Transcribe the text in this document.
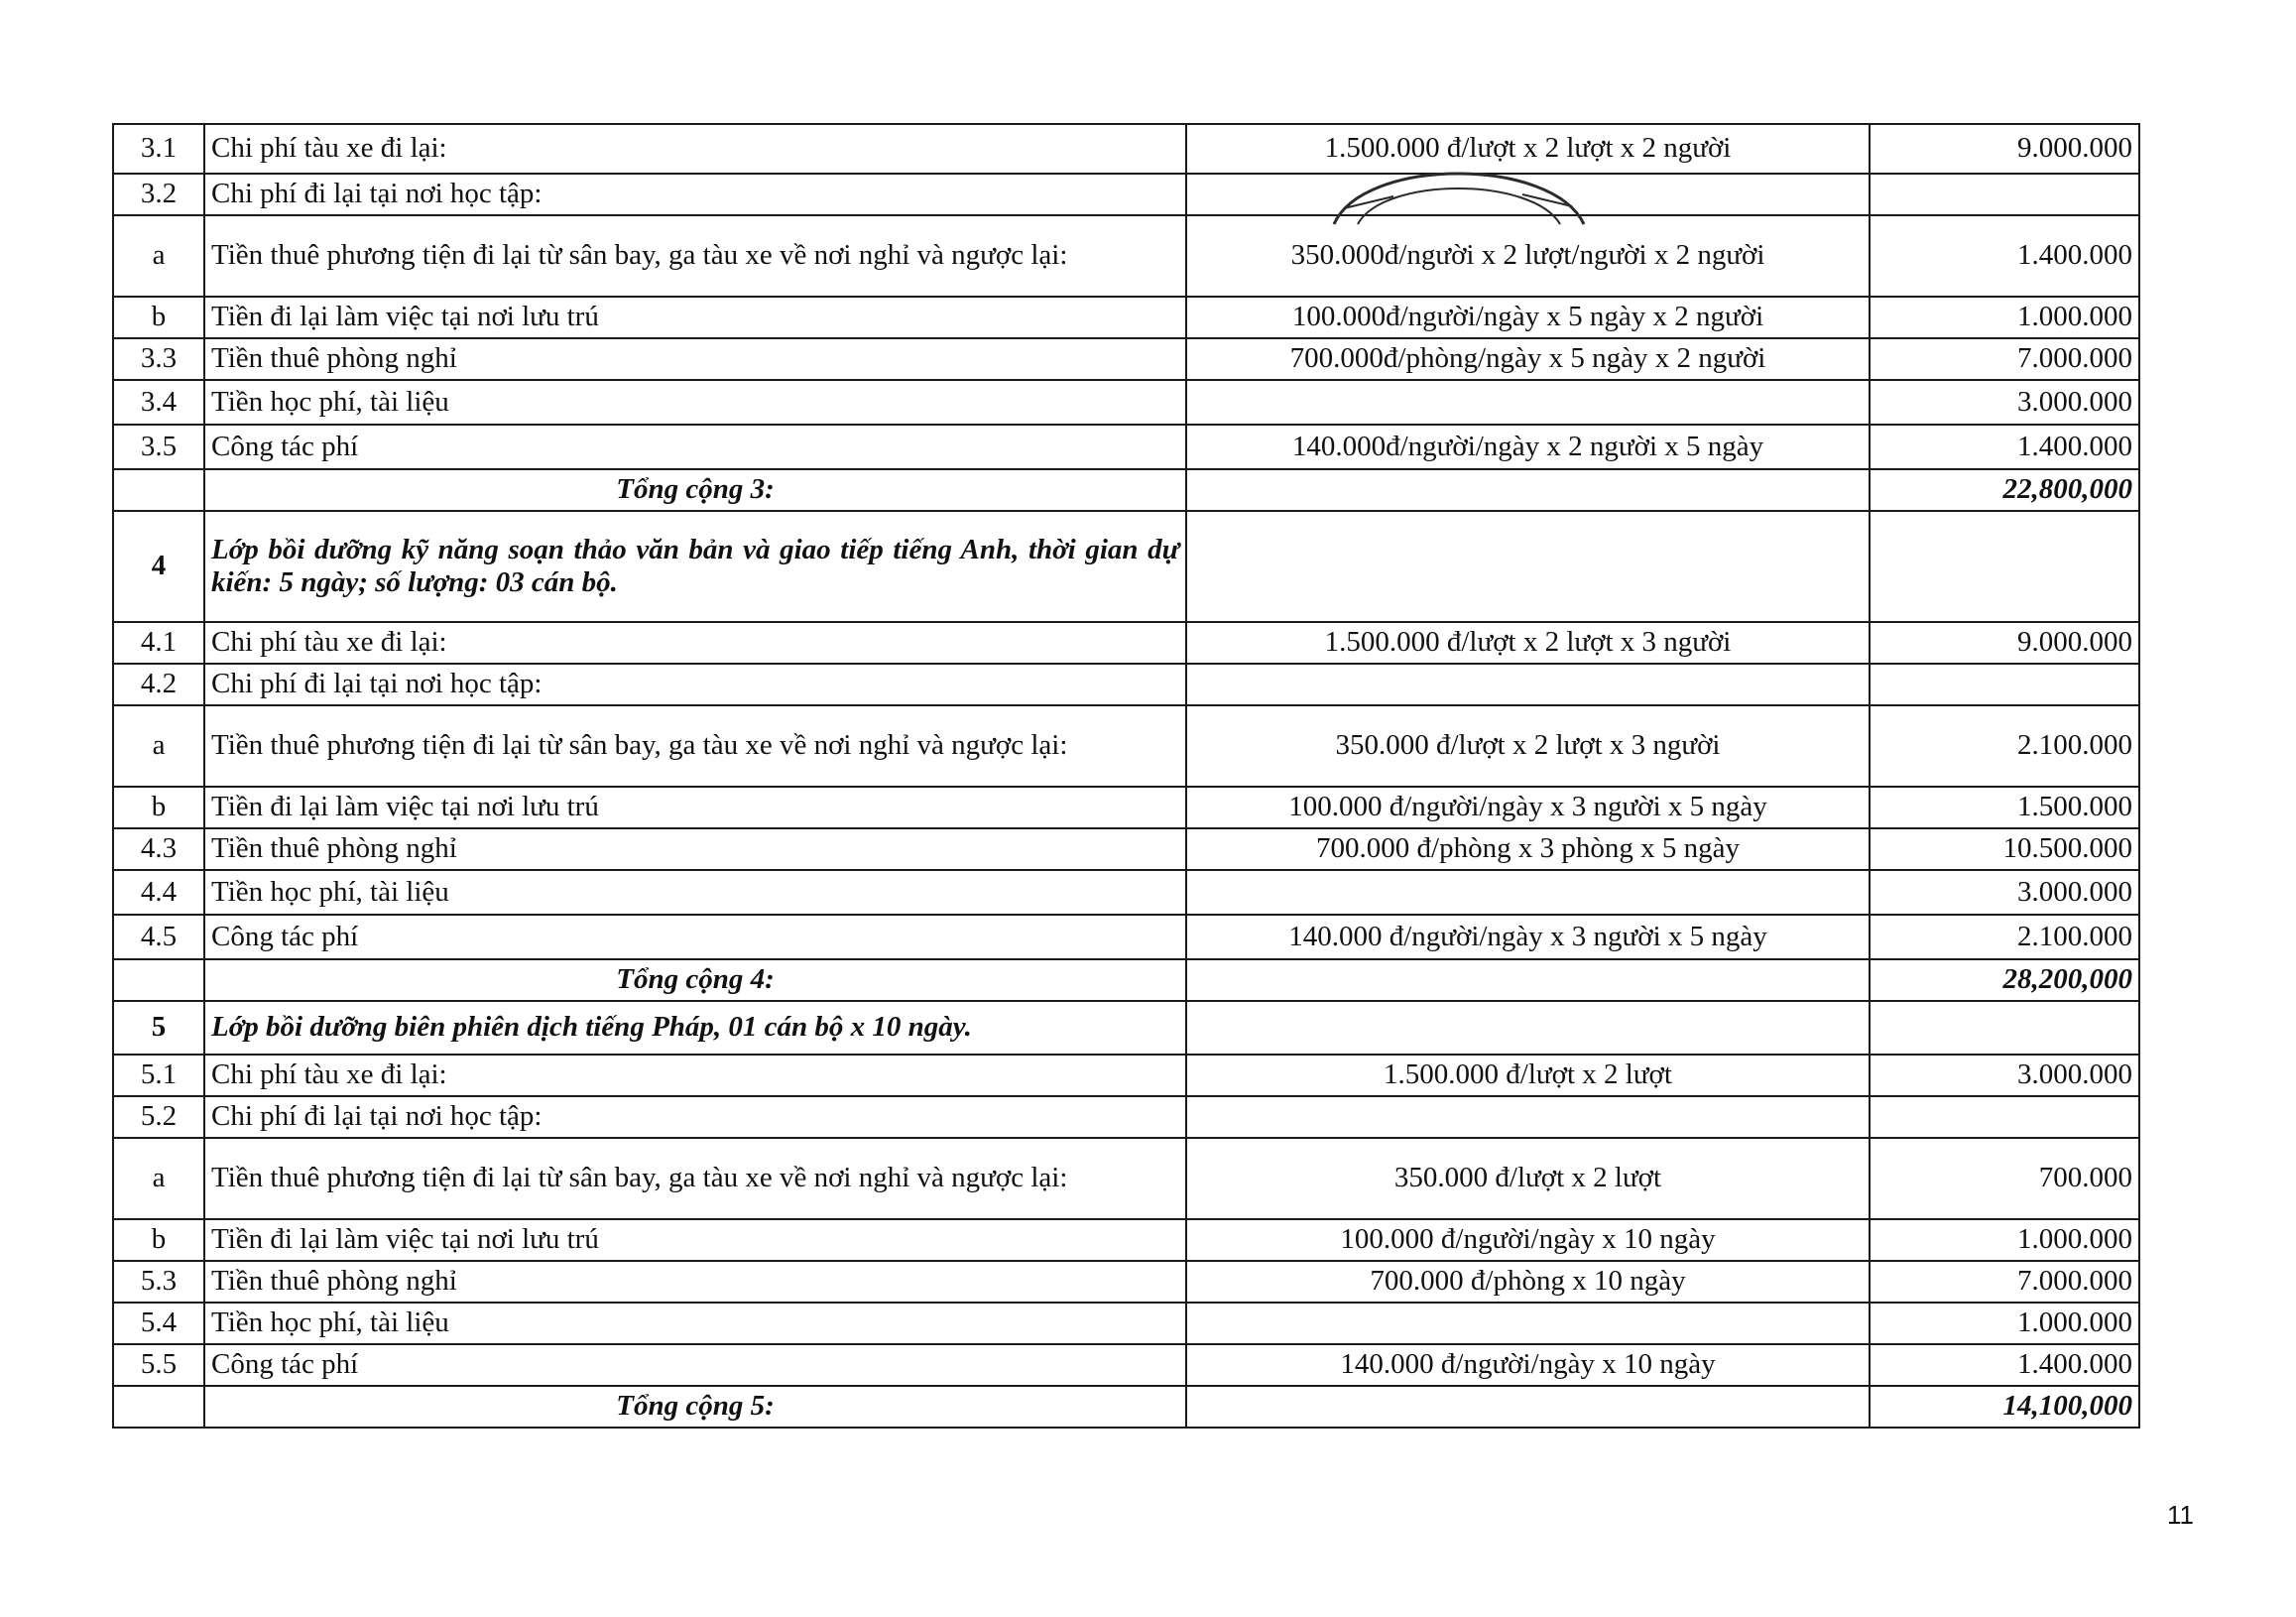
3.1	Chi phí tàu xe đi lại:	1.500.000 đ/lượt x 2 lượt x 2 người	9.000.000
3.2	Chi phí đi lại tại nơi học tập:		
a	Tiền thuê phương tiện đi lại từ sân bay, ga tàu xe về nơi nghỉ và ngược lại:	350.000đ/người x 2 lượt/người x 2 người	1.400.000
b	Tiền đi lại làm việc tại nơi lưu trú	100.000đ/người/ngày x 5 ngày x 2 người	1.000.000
3.3	Tiền thuê phòng nghỉ	700.000đ/phòng/ngày x 5 ngày x 2 người	7.000.000
3.4	Tiền học phí, tài liệu		3.000.000
3.5	Công tác phí	140.000đ/người/ngày x 2 người x 5 ngày	1.400.000
	Tổng cộng 3:		22,800,000
4	Lớp bồi dưỡng kỹ năng soạn thảo văn bản và giao tiếp tiếng Anh, thời gian dự kiến: 5 ngày; số lượng: 03 cán bộ.		
4.1	Chi phí tàu xe đi lại:	1.500.000 đ/lượt x 2 lượt x 3 người	9.000.000
4.2	Chi phí đi lại tại nơi học tập:		
a	Tiền thuê phương tiện đi lại từ sân bay, ga tàu xe về nơi nghỉ và ngược lại:	350.000 đ/lượt x 2 lượt x 3 người	2.100.000
b	Tiền đi lại làm việc tại nơi lưu trú	100.000 đ/người/ngày x 3 người x 5 ngày	1.500.000
4.3	Tiền thuê phòng nghỉ	700.000 đ/phòng x 3 phòng x 5 ngày	10.500.000
4.4	Tiền học phí, tài liệu		3.000.000
4.5	Công tác phí	140.000 đ/người/ngày x 3 người x 5 ngày	2.100.000
	Tổng cộng 4:		28,200,000
5	Lớp bồi dưỡng biên phiên dịch tiếng Pháp, 01 cán bộ x 10 ngày.		
5.1	Chi phí tàu xe đi lại:	1.500.000 đ/lượt x 2 lượt	3.000.000
5.2	Chi phí đi lại tại nơi học tập:		
a	Tiền thuê phương tiện đi lại từ sân bay, ga tàu xe về nơi nghỉ và ngược lại:	350.000 đ/lượt x 2 lượt	700.000
b	Tiền đi lại làm việc tại nơi lưu trú	100.000 đ/người/ngày x 10 ngày	1.000.000
5.3	Tiền thuê phòng nghỉ	700.000 đ/phòng x 10 ngày	7.000.000
5.4	Tiền học phí, tài liệu		1.000.000
5.5	Công tác phí	140.000 đ/người/ngày x 10 ngày	1.400.000
	Tổng cộng 5:		14,100,000
11
